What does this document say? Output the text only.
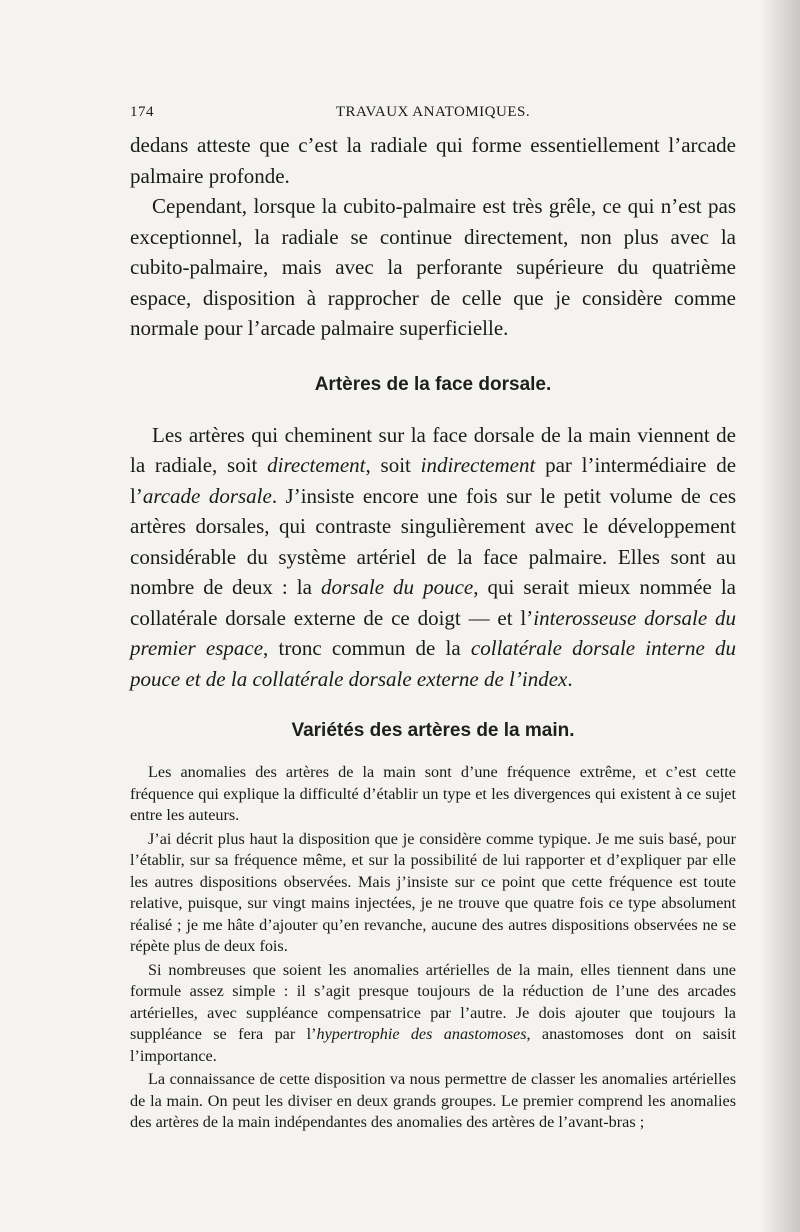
174	TRAVAUX ANATOMIQUES.

dedans atteste que c’est la radiale qui forme essentiellement l’arcade palmaire profonde.

Cependant, lorsque la cubito-palmaire est très grêle, ce qui n’est pas exceptionnel, la radiale se continue directement, non plus avec la cubito-palmaire, mais avec la perforante supérieure du quatrième espace, disposition à rapprocher de celle que je considère comme normale pour l’arcade palmaire superficielle.

Artères de la face dorsale.

Les artères qui cheminent sur la face dorsale de la main viennent de la radiale, soit directement, soit indirectement par l’intermédiaire de l’arcade dorsale. J’insiste encore une fois sur le petit volume de ces artères dorsales, qui contraste singulièrement avec le développement considérable du système artériel de la face palmaire. Elles sont au nombre de deux : la dorsale du pouce, qui serait mieux nommée la collatérale dorsale externe de ce doigt — et l’interosseuse dorsale du premier espace, tronc commun de la collatérale dorsale interne du pouce et de la collatérale dorsale externe de l’index.

Variétés des artères de la main.

Les anomalies des artères de la main sont d’une fréquence extrême, et c’est cette fréquence qui explique la difficulté d’établir un type et les divergences qui existent à ce sujet entre les auteurs.

J’ai décrit plus haut la disposition que je considère comme typique. Je me suis basé, pour l’établir, sur sa fréquence même, et sur la possibilité de lui rapporter et d’expliquer par elle les autres dispositions observées. Mais j’insiste sur ce point que cette fréquence est toute relative, puisque, sur vingt mains injectées, je ne trouve que quatre fois ce type absolument réalisé ; je me hâte d’ajouter qu’en revanche, aucune des autres dispositions observées ne se répète plus de deux fois.

Si nombreuses que soient les anomalies artérielles de la main, elles tiennent dans une formule assez simple : il s’agit presque toujours de la réduction de l’une des arcades artérielles, avec suppléance compensatrice par l’autre. Je dois ajouter que toujours la suppléance se fera par l’hypertrophie des anastomoses, anastomoses dont on saisit l’importance.

La connaissance de cette disposition va nous permettre de classer les anomalies artérielles de la main. On peut les diviser en deux grands groupes. Le premier comprend les anomalies des artères de la main indépendantes des anomalies des artères de l’avant-bras ;
